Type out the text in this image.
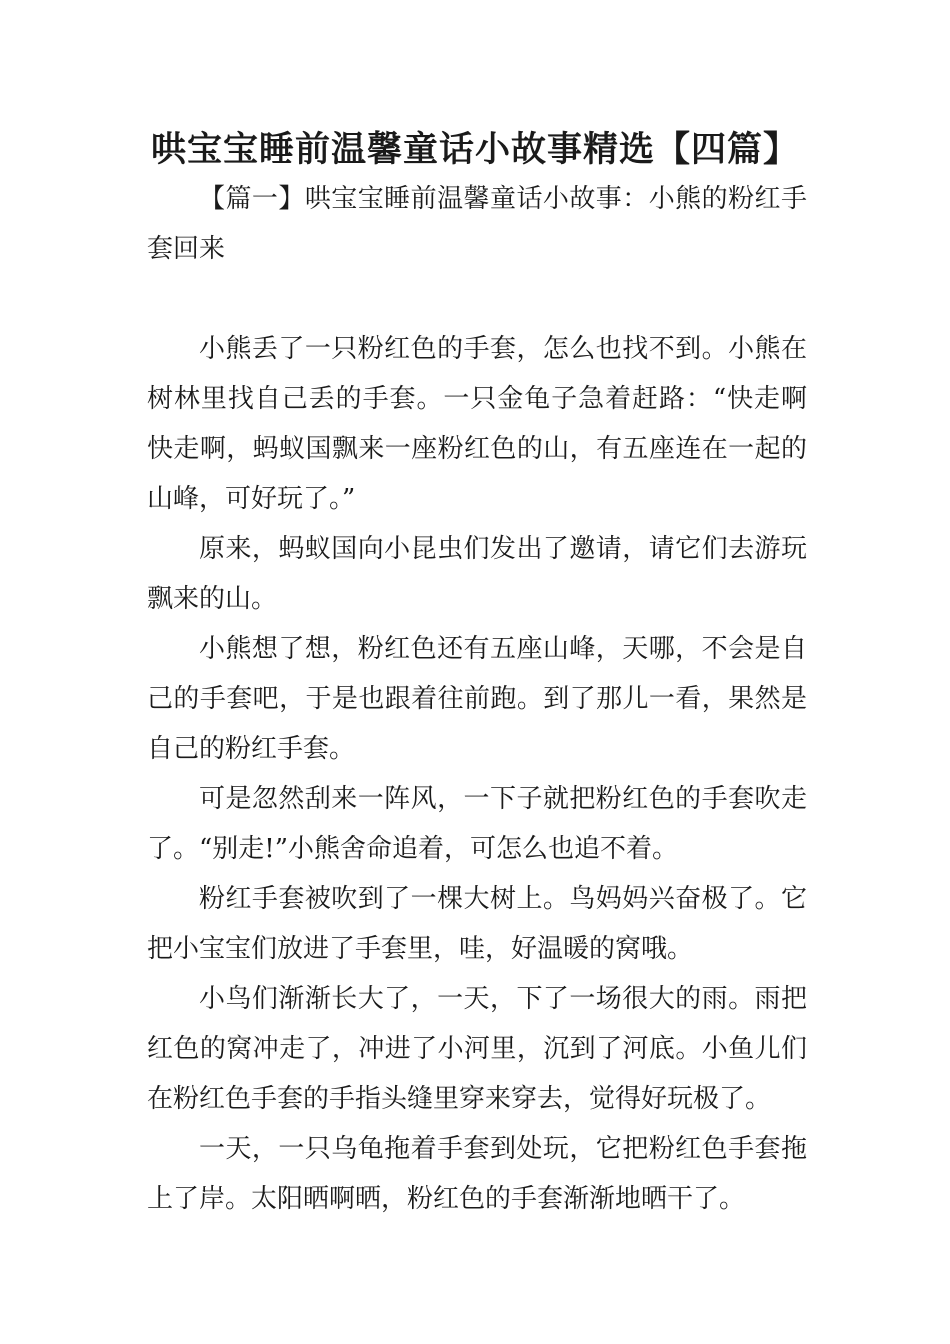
哄宝宝睡前温馨童话小故事精选【四篇】

【篇一】哄宝宝睡前温馨童话小故事：小熊的粉红手套回来

小熊丢了一只粉红色的手套，怎么也找不到。小熊在树林里找自己丢的手套。一只金龟子急着赶路：“快走啊快走啊，蚂蚁国飘来一座粉红色的山，有五座连在一起的山峰，可好玩了。”

原来，蚂蚁国向小昆虫们发出了邀请，请它们去游玩飘来的山。

小熊想了想，粉红色还有五座山峰，天哪，不会是自己的手套吧，于是也跟着往前跑。到了那儿一看，果然是自己的粉红手套。

可是忽然刮来一阵风，一下子就把粉红色的手套吹走了。“别走!”小熊舍命追着，可怎么也追不着。

粉红手套被吹到了一棵大树上。鸟妈妈兴奋极了。它把小宝宝们放进了手套里，哇，好温暖的窝哦。

小鸟们渐渐长大了，一天，下了一场很大的雨。雨把红色的窝冲走了，冲进了小河里，沉到了河底。小鱼儿们在粉红色手套的手指头缝里穿来穿去，觉得好玩极了。

一天，一只乌龟拖着手套到处玩，它把粉红色手套拖上了岸。太阳晒啊晒，粉红色的手套渐渐地晒干了。
